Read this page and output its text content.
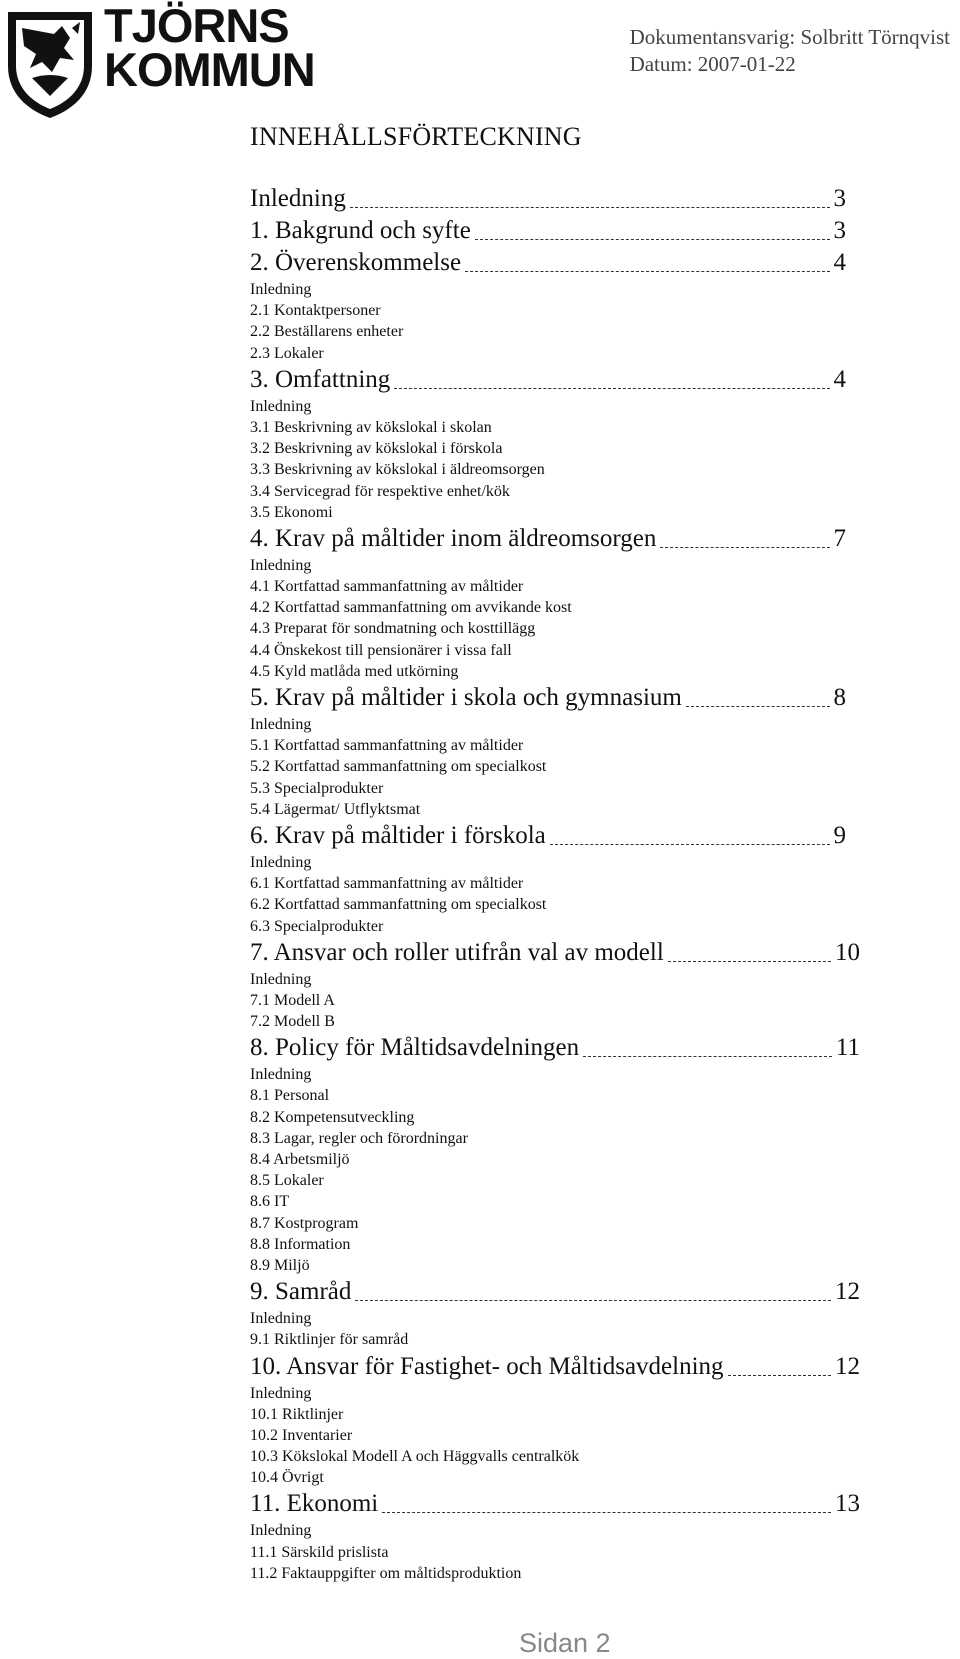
TJÖRNS
KOMMUN
Dokumentansvarig: Solbritt Törnqvist
Datum: 2007-01-22
INNEHÅLLSFÖRTECKNING
Inledning	3
1. Bakgrund och syfte	3
2. Överenskommelse	4
Inledning
2.1 Kontaktpersoner
2.2 Beställarens enheter
2.3 Lokaler
3. Omfattning	4
Inledning
3.1 Beskrivning av kökslokal i skolan
3.2 Beskrivning av kökslokal i förskola
3.3 Beskrivning av kökslokal i äldreomsorgen
3.4 Servicegrad för respektive enhet/kök
3.5 Ekonomi
4. Krav på måltider inom äldreomsorgen	7
Inledning
4.1 Kortfattad sammanfattning av måltider
4.2 Kortfattad sammanfattning om avvikande kost
4.3 Preparat för sondmatning och kosttillägg
4.4 Önskekost till pensionärer i vissa fall
4.5 Kyld matlåda med utkörning
5. Krav på måltider i skola och gymnasium	8
Inledning
5.1 Kortfattad sammanfattning av måltider
5.2 Kortfattad sammanfattning om specialkost
5.3 Specialprodukter
5.4 Lägermat/ Utflyktsmat
6. Krav på måltider i förskola	9
Inledning
6.1 Kortfattad sammanfattning av måltider
6.2 Kortfattad sammanfattning om specialkost
6.3 Specialprodukter
7. Ansvar och roller utifrån val av modell	10
Inledning
7.1 Modell A
7.2 Modell B
8. Policy för Måltidsavdelningen	11
Inledning
8.1 Personal
8.2 Kompetensutveckling
8.3 Lagar, regler och förordningar
8.4 Arbetsmiljö
8.5 Lokaler
8.6 IT
8.7 Kostprogram
8.8 Information
8.9 Miljö
9. Samråd	12
Inledning
9.1 Riktlinjer för samråd
10. Ansvar för Fastighet- och Måltidsavdelning	12
Inledning
10.1 Riktlinjer
10.2 Inventarier
10.3 Kökslokal Modell A och Häggvalls centralkök
10.4 Övrigt
11. Ekonomi	13
Inledning
11.1 Särskild prislista
11.2 Faktauppgifter om måltidsproduktion
Sidan 2
